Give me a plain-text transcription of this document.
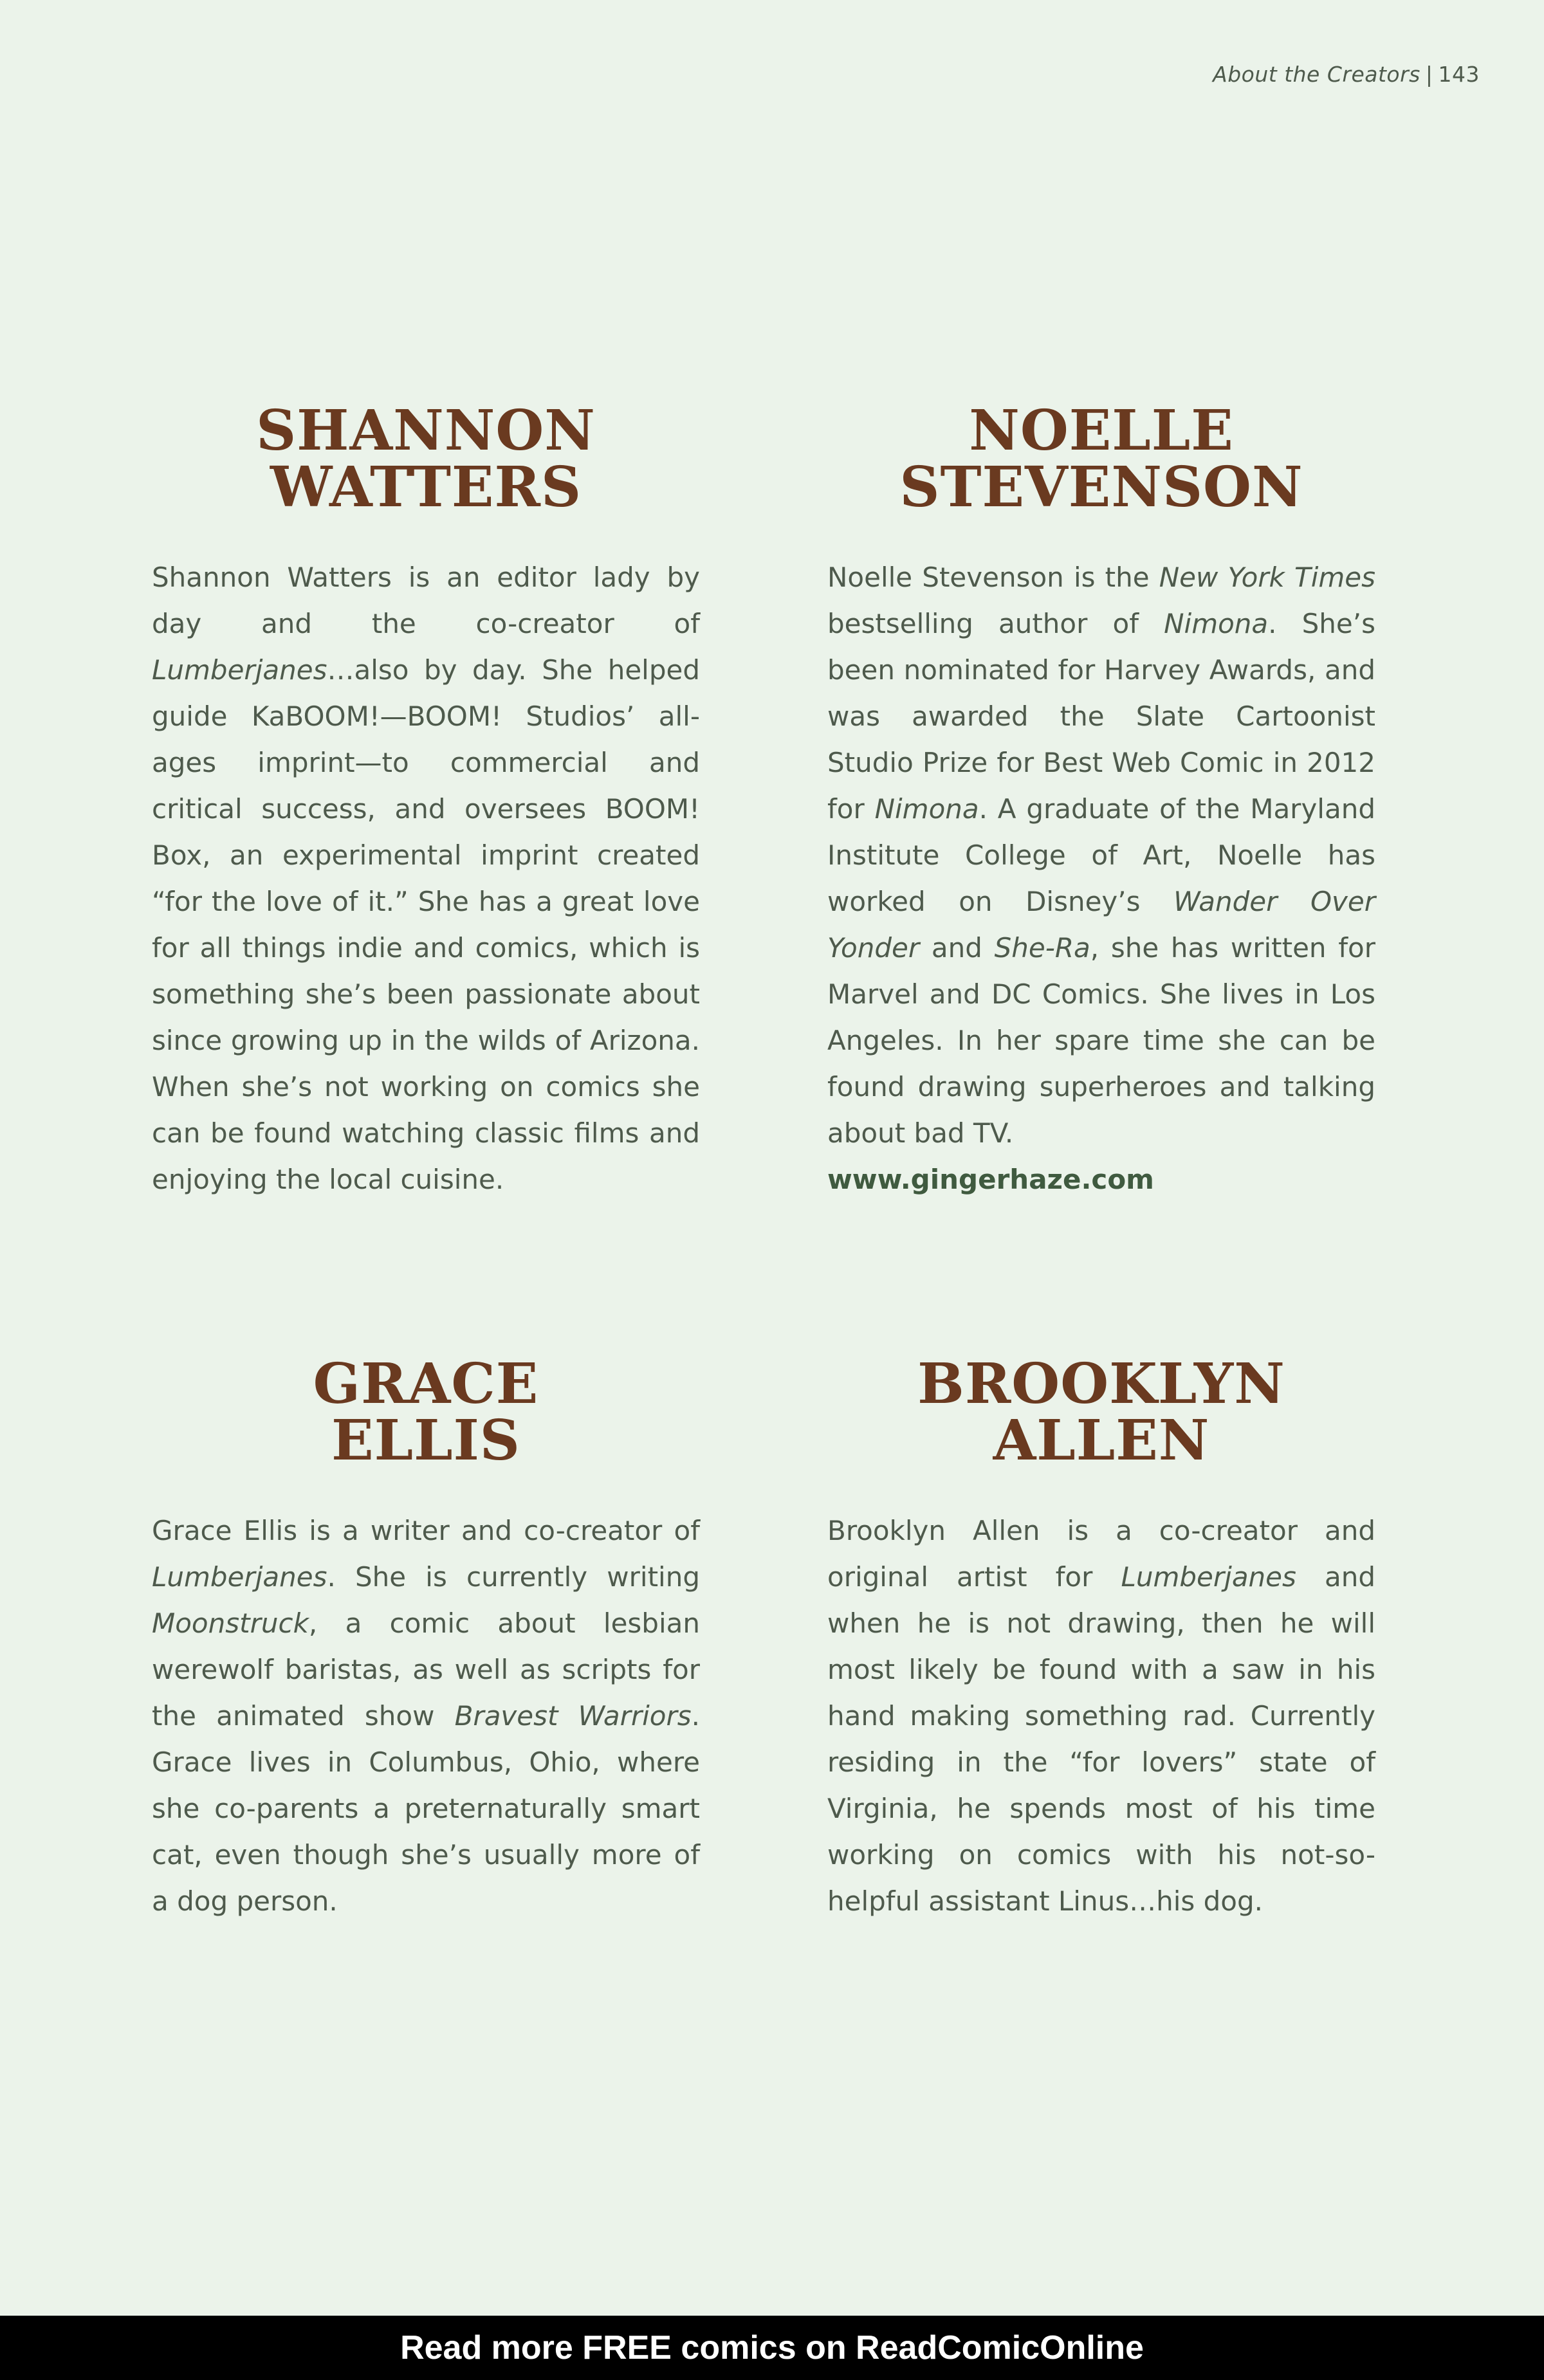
About the Creators | 143
SHANNON
WATTERS

Shannon Watters is an editor lady by day and the co-creator of Lumberjanes…also by day. She helped guide KaBOOM!—BOOM! Studios’ all-ages imprint—to commercial and critical success, and oversees BOOM! Box, an experimental imprint created “for the love of it.” She has a great love for all things indie and comics, which is something she’s been passionate about since growing up in the wilds of Arizona. When she’s not working on comics she can be found watching classic films and enjoying the local cuisine.

NOELLE
STEVENSON

Noelle Stevenson is the New York Times bestselling author of Nimona. She’s been nominated for Harvey Awards, and was awarded the Slate Cartoonist Studio Prize for Best Web Comic in 2012 for Nimona. A graduate of the Maryland Institute College of Art, Noelle has worked on Disney’s Wander Over Yonder and She-Ra, she has written for Marvel and DC Comics. She lives in Los Angeles. In her spare time she can be found drawing superheroes and talking about bad TV.

www.gingerhaze.com

GRACE
ELLIS

Grace Ellis is a writer and co-creator of Lumberjanes. She is currently writing Moonstruck, a comic about lesbian werewolf baristas, as well as scripts for the animated show Bravest Warriors. Grace lives in Columbus, Ohio, where she co-parents a preternaturally smart cat, even though she’s usually more of a dog person.

BROOKLYN
ALLEN

Brooklyn Allen is a co-creator and original artist for Lumberjanes and when he is not drawing, then he will most likely be found with a saw in his hand making something rad. Currently residing in the “for lovers” state of Virginia, he spends most of his time working on comics with his not-so-helpful assistant Linus…his dog.

Read more FREE comics on ReadComicOnline
